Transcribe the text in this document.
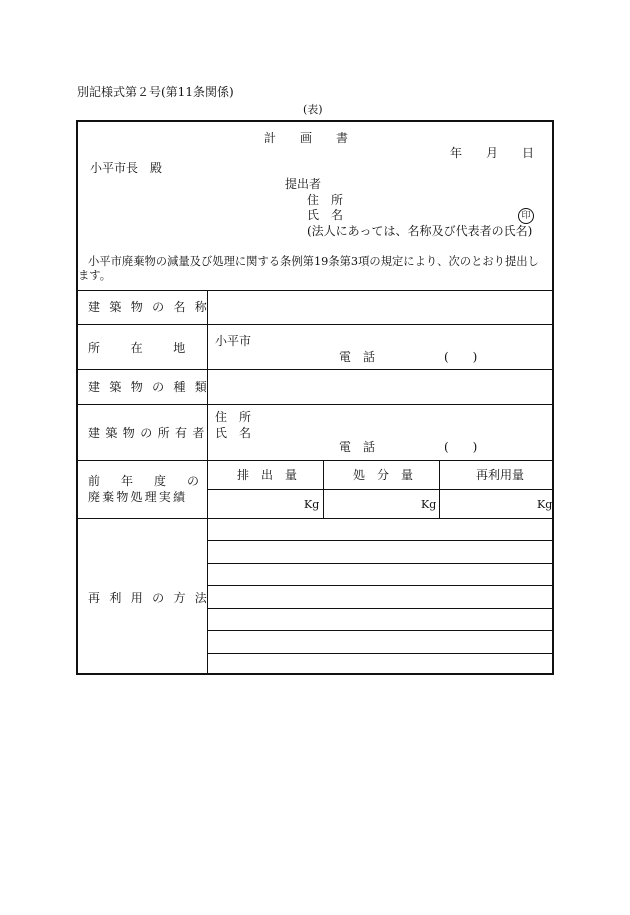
別記様式第２号(第11条関係)
(表)
計　　画　　書
年　　月　　日
小平市長　殿
提出者
住　所
氏　名	印
(法人にあっては、名称及び代表者の氏名)
小平市廃棄物の減量及び処理に関する条例第19条第3項の規定により、次のとおり提出し
ます。
建築物の名称
所在地 小平市
電　話	(　　)
建築物の種類
建築物の所有者
住　所
氏　名
電　話	(　　)
前年度の
廃棄物処理実績
排　出　量	処　分　量	再利用量
Kg	Kg	Kg
再利用の方法
